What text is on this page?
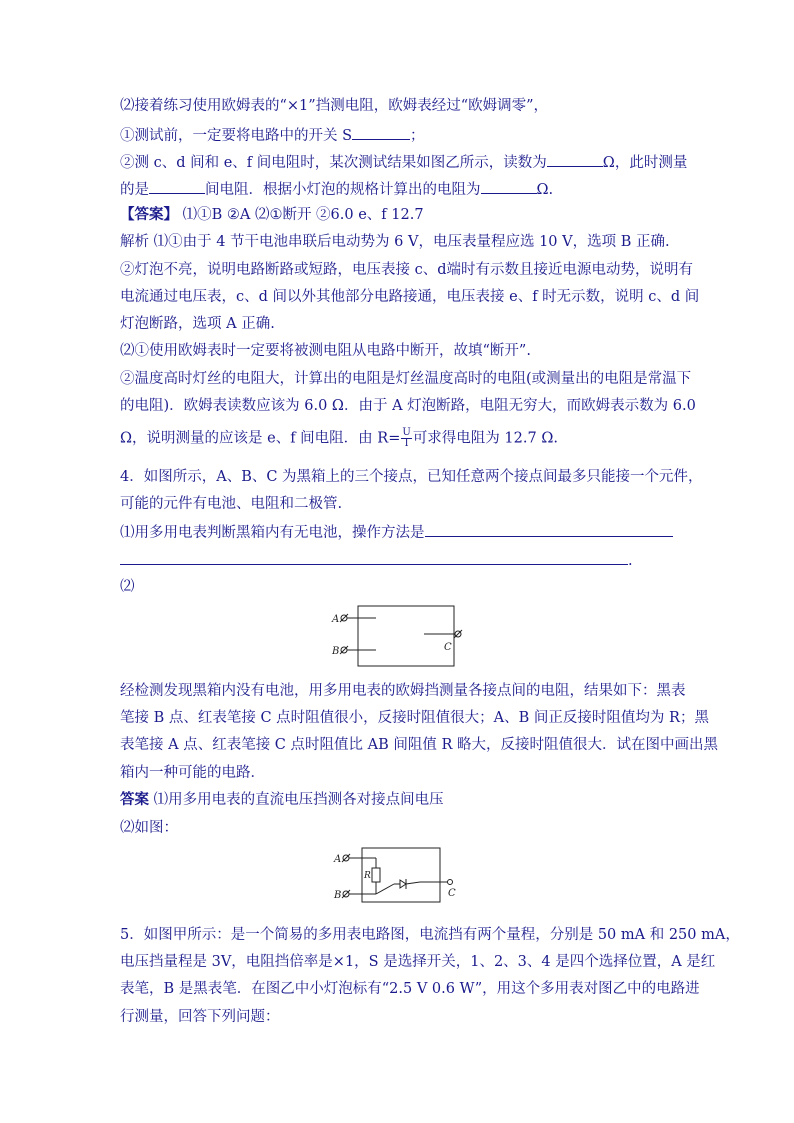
⑵接着练习使用欧姆表的“×1”挡测电阻，欧姆表经过“欧姆调零”，
①测试前，一定要将电路中的开关 S	；
②测 c、d 间和 e、f 间电阻时，某次测试结果如图乙所示，读数为	Ω，此时测量
的是	间电阻．根据小灯泡的规格计算出的电阻为	Ω.
【答案】 ⑴①B ②A ⑵①断开 ②6.0 e、f 12.7
解析 ⑴①由于 4 节干电池串联后电动势为 6 V，电压表量程应选 10 V，选项 B 正确.
②灯泡不亮，说明电路断路或短路，电压表接 c、d端时有示数且接近电源电动势，说明有
电流通过电压表，c、d 间以外其他部分电路接通，电压表接 e、f 时无示数，说明 c、d 间
灯泡断路，选项 A 正确.
⑵①使用欧姆表时一定要将被测电阻从电路中断开，故填“断开”.
②温度高时灯丝的电阻大，计算出的电阻是灯丝温度高时的电阻(或测量出的电阻是常温下
的电阻)．欧姆表读数应该为 6.0 Ω．由于 A 灯泡断路，电阻无穷大，而欧姆表示数为 6.0
Ω，说明测量的应该是 e、f 间电阻．由 $R= \frac{U}{I}$ 可求得电阻为 12.7 Ω.
4．如图所示，A、B、C 为黑箱上的三个接点，已知任意两个接点间最多只能接一个元件，
可能的元件有电池、电阻和二极管.
⑴用多用电表判断黑箱内有无电池，操作方法是
.
⑵
A
B	C
经检测发现黑箱内没有电池，用多用电表的欧姆挡测量各接点间的电阻，结果如下：黑表
笔接 B 点、红表笔接 C 点时阻值很小，反接时阻值很大；A、B 间正反接时阻值均为 R；黑
表笔接 A 点、红表笔接 C 点时阻值比 AB 间阻值 R 略大，反接时阻值很大．试在图中画出黑
箱内一种可能的电路．
答案 ⑴用多用电表的直流电压挡测各对接点间电压
⑵如图：
A
B
R
C
5．如图甲所示：是一个简易的多用表电路图，电流挡有两个量程，分别是 50 mA 和 250 mA，
电压挡量程是 3V，电阻挡倍率是×1，S 是选择开关，1、2、3、4 是四个选择位置，A 是红
表笔，B 是黑表笔．在图乙中小灯泡标有“2.5 V 0.6 W”，用这个多用表对图乙中的电路进
行测量，回答下列问题：
